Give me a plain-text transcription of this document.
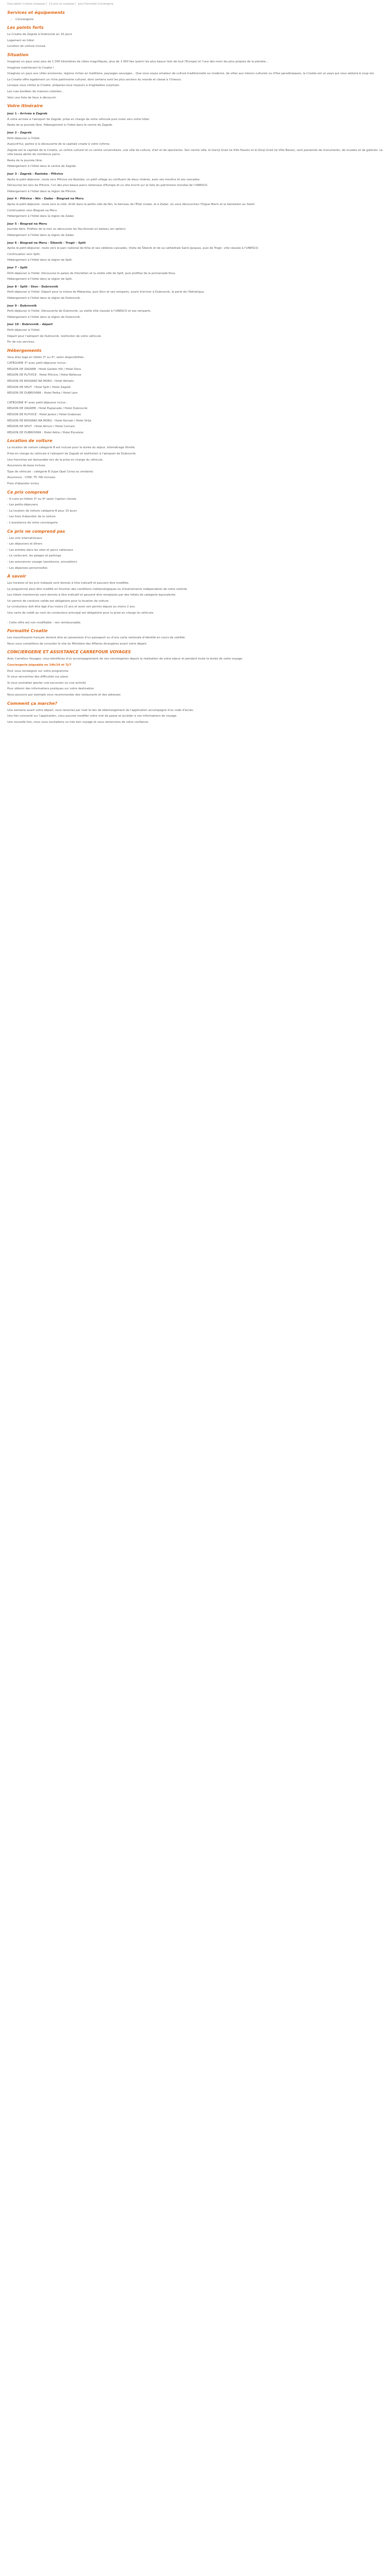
Description Croatie composer | Ce prix se compose | pour Formalité Convergerie
Services et équipements
• Conciergerie
Les points forts

La Croatie de Zagreb à Dubrovnik en 10 jours

Logement en hôtel

Location de voiture incluse

Situation

Imaginez un pays avec plus de 1 000 kilomètres de côtes magnifiques, plus de 1 000 îles (parmi les plus beaux ilots de tout l'Europe) et l'une des mers les plus propres de la planète...

Imaginez maintenant la Croatie !

Imaginez un pays aux villes anciennes, régions riches en traditions, paysages sauvages... Que vous soyez amateur de culture traditionnelle ou moderne, de villes aux trésors culturels ou d'îles paradisiaques, la Croatie est un pays qui vous séduira à coup sûr.

La Croatie offre également un riche patrimoine culturel, dont certains sont les plus anciens du monde et classé à l'Unesco.

Lorsque vous visitez la Croatie, préparez-vous toujours à d'agréables surprises.

Les rues bordées de maisons colorées...

Voici une liste de lieux à découvrir.

Votre itinéraire
Jour 1 - Arrivée à Zagreb

À votre arrivée à l'aéroport de Zagreb, prise en charge de votre véhicule puis route vers votre hôtel.

Reste de la journée libre. Hébergement à l'hôtel dans le centre de Zagreb.

Jour 2 - Zagreb

Petit-déjeuner à l'hôtel.

Aujourd'hui, partez à la découverte de la capitale croate à votre rythme.

Zagreb est la capitale de la Croatie, un centre culturel et un centre universitaire, une ville de culture, d'art et de spectacles. Son centre ville, le Gornji Grad (la Ville Haute) et le Donji Grad (la Ville Basse), sont parsemés de monuments, de musées et de galeries. La ville basse abrite de nombreux parcs.

Reste de la journée libre.

Hébergement à l'hôtel dans le centre de Zagreb.

Jour 3 - Zagreb - Rastoke - Plitvice

Après le petit-déjeuner, route vers Plitvice via Rastoke, un petit village au confluent de deux rivières, avec ses moulins et ses cascades.

Découvrez les lacs de Plitvice, l'un des plus beaux parcs nationaux d'Europe et un site inscrit sur la liste du patrimoine mondial de l'UNESCO.

Hébergement à l'hôtel dans la région de Plitvice.

Jour 4 - Plitvice - Nin - Zadar - Biograd na Moru

Après le petit-déjeuner, route vers la côte. Arrêt dans la petite ville de Nin, le berceau de l'État croate, et à Zadar, où vous découvrirez l'Orgue Marin et la Salutation au Soleil.

Continuation vers Biograd na Moru.

Hébergement à l'hôtel dans la région de Zadar.

Jour 5 - Biograd na Moru

Journée libre. Profitez de la mer ou découvrez les îles Kornati en bateau (en option).

Hébergement à l'hôtel dans la région de Zadar.

Jour 6 - Biograd na Moru - Šibenik - Trogir - Split

Après le petit-déjeuner, route vers le parc national de Krka et ses célèbres cascades. Visite de Šibenik et de sa cathédrale Saint-Jacques, puis de Trogir, ville classée à l'UNESCO.

Continuation vers Split.

Hébergement à l'hôtel dans la région de Split.

Jour 7 - Split

Petit-déjeuner à l'hôtel. Découvrez le palais de Dioclétien et la vieille ville de Split, puis profitez de la promenade Riva.

Hébergement à l'hôtel dans la région de Split.

Jour 8 - Split - Ston - Dubrovnik

Petit-déjeuner à l'hôtel. Départ pour la riviera de Makarska, puis Ston et ses remparts, avant d'arriver à Dubrovnik, la perle de l'Adriatique.

Hébergement à l'hôtel dans la région de Dubrovnik.

Jour 9 - Dubrovnik

Petit-déjeuner à l'hôtel. Découverte de Dubrovnik, sa vieille ville classée à l'UNESCO et ses remparts.

Hébergement à l'hôtel dans la région de Dubrovnik.

Jour 10 - Dubrovnik - départ

Petit-déjeuner à l'hôtel.

Départ pour l'aéroport de Dubrovnik, restitution de votre véhicule.

Fin de nos services.

Hébergements

Vous êtes logé en hôtels 3* ou 4*, selon disponibilités.

CATÉGORIE 3* avec petit-déjeuner inclus :

RÉGION DE ZAGREB : Hotel Garden Hill / Hotel Dora

RÉGION DE PLITVICE : Hotel Plitvice / Hotel Bellevue

RÉGION DE BIOGRAD NA MORU : Hotel Adriatic

RÉGION DE SPLIT : Hotel Split / Hotel Zagreb

RÉGION DE DUBROVNIK : Hotel Petka / Hotel Lero

CATÉGORIE 4* avec petit-déjeuner inclus :

RÉGION DE ZAGREB : Hotel Esplanade / Hotel Dubrovnik

RÉGION DE PLITVICE : Hotel Jezero / Hotel Grabovac

RÉGION DE BIOGRAD NA MORU : Hotel Kornati / Hotel Ilirija

RÉGION DE SPLIT : Hotel Atrium / Hotel Cornaro

RÉGION DE DUBROVNIK : Hotel Adria / Hotel Excelsior

Location de voiture

La location de voiture catégorie B est incluse pour la durée du séjour, kilométrage illimité.

Prise en charge du véhicule à l'aéroport de Zagreb et restitution à l'aéroport de Dubrovnik.

Une franchise est demandée lors de la prise en charge du véhicule.

Assurance de base incluse.

Type de véhicule : catégorie B (type Opel Corsa ou similaire)

Assurance : CDW, TP, PAI incluses

Frais d'abandon inclus

Ce prix comprend

- 9 nuits en hôtels 3* ou 4* selon l'option choisie

- Les petits-déjeuners

- La location de voiture catégorie B pour 10 jours

- Les frais d'abandon de la voiture

- L'assistance de notre conciergerie

Ce prix ne comprend pas

- Les vols internationaux

- Les déjeuners et dîners

- Les entrées dans les sites et parcs nationaux

- Le carburant, les péages et parkings

- Les assurances voyage (assistance, annulation)

- Les dépenses personnelles

À savoir

Les horaires et les prix indiqués sont donnés à titre indicatif et peuvent être modifiés.

Le programme peut être modifié en fonction des conditions météorologiques ou d'événements indépendants de notre volonté.

Les hôtels mentionnés sont donnés à titre indicatif et peuvent être remplacés par des hôtels de catégorie équivalente.

Un permis de conduire valide est obligatoire pour la location de voiture.

Le conducteur doit être âgé d'au moins 21 ans et avoir son permis depuis au moins 2 ans.

Une carte de crédit au nom du conducteur principal est obligatoire pour la prise en charge du véhicule.

- Cette offre est non modifiable - non remboursable.

Formalité Croatie

Les ressortissants français doivent être en possession d'un passeport ou d'une carte nationale d'identité en cours de validité.

Nous vous conseillons de consulter le site du Ministère des Affaires étrangères avant votre départ.

CONCIERGERIE ET ASSISTANCE CARREFOUR VOYAGES

Avec Carrefour Voyages, vous bénéficiez d'un accompagnement de nos conciergeries depuis la réalisation de votre séjour et pendant toute la durée de votre voyage.

Conciergerie joignable en 24h/24 et 7j/7

Pour vous renseigner sur votre programme

Si vous rencontrez des difficultés sur place

Si vous souhaitez ajouter une excursion ou une activité

Pour obtenir des informations pratiques sur votre destination

Nous pouvons par exemple vous recommander des restaurants et des adresses

Comment ça marche?

Une semaine avant votre départ, vous recevrez par mail le lien de téléchargement de l'application accompagné d'un code d'accès.

Une fois connecté sur l'application, vous pourrez modifier votre mot de passe et accéder à vos informations de voyage.

Une nouvelle fois, nous vous souhaitons un très bon voyage et vous remercions de votre confiance.
